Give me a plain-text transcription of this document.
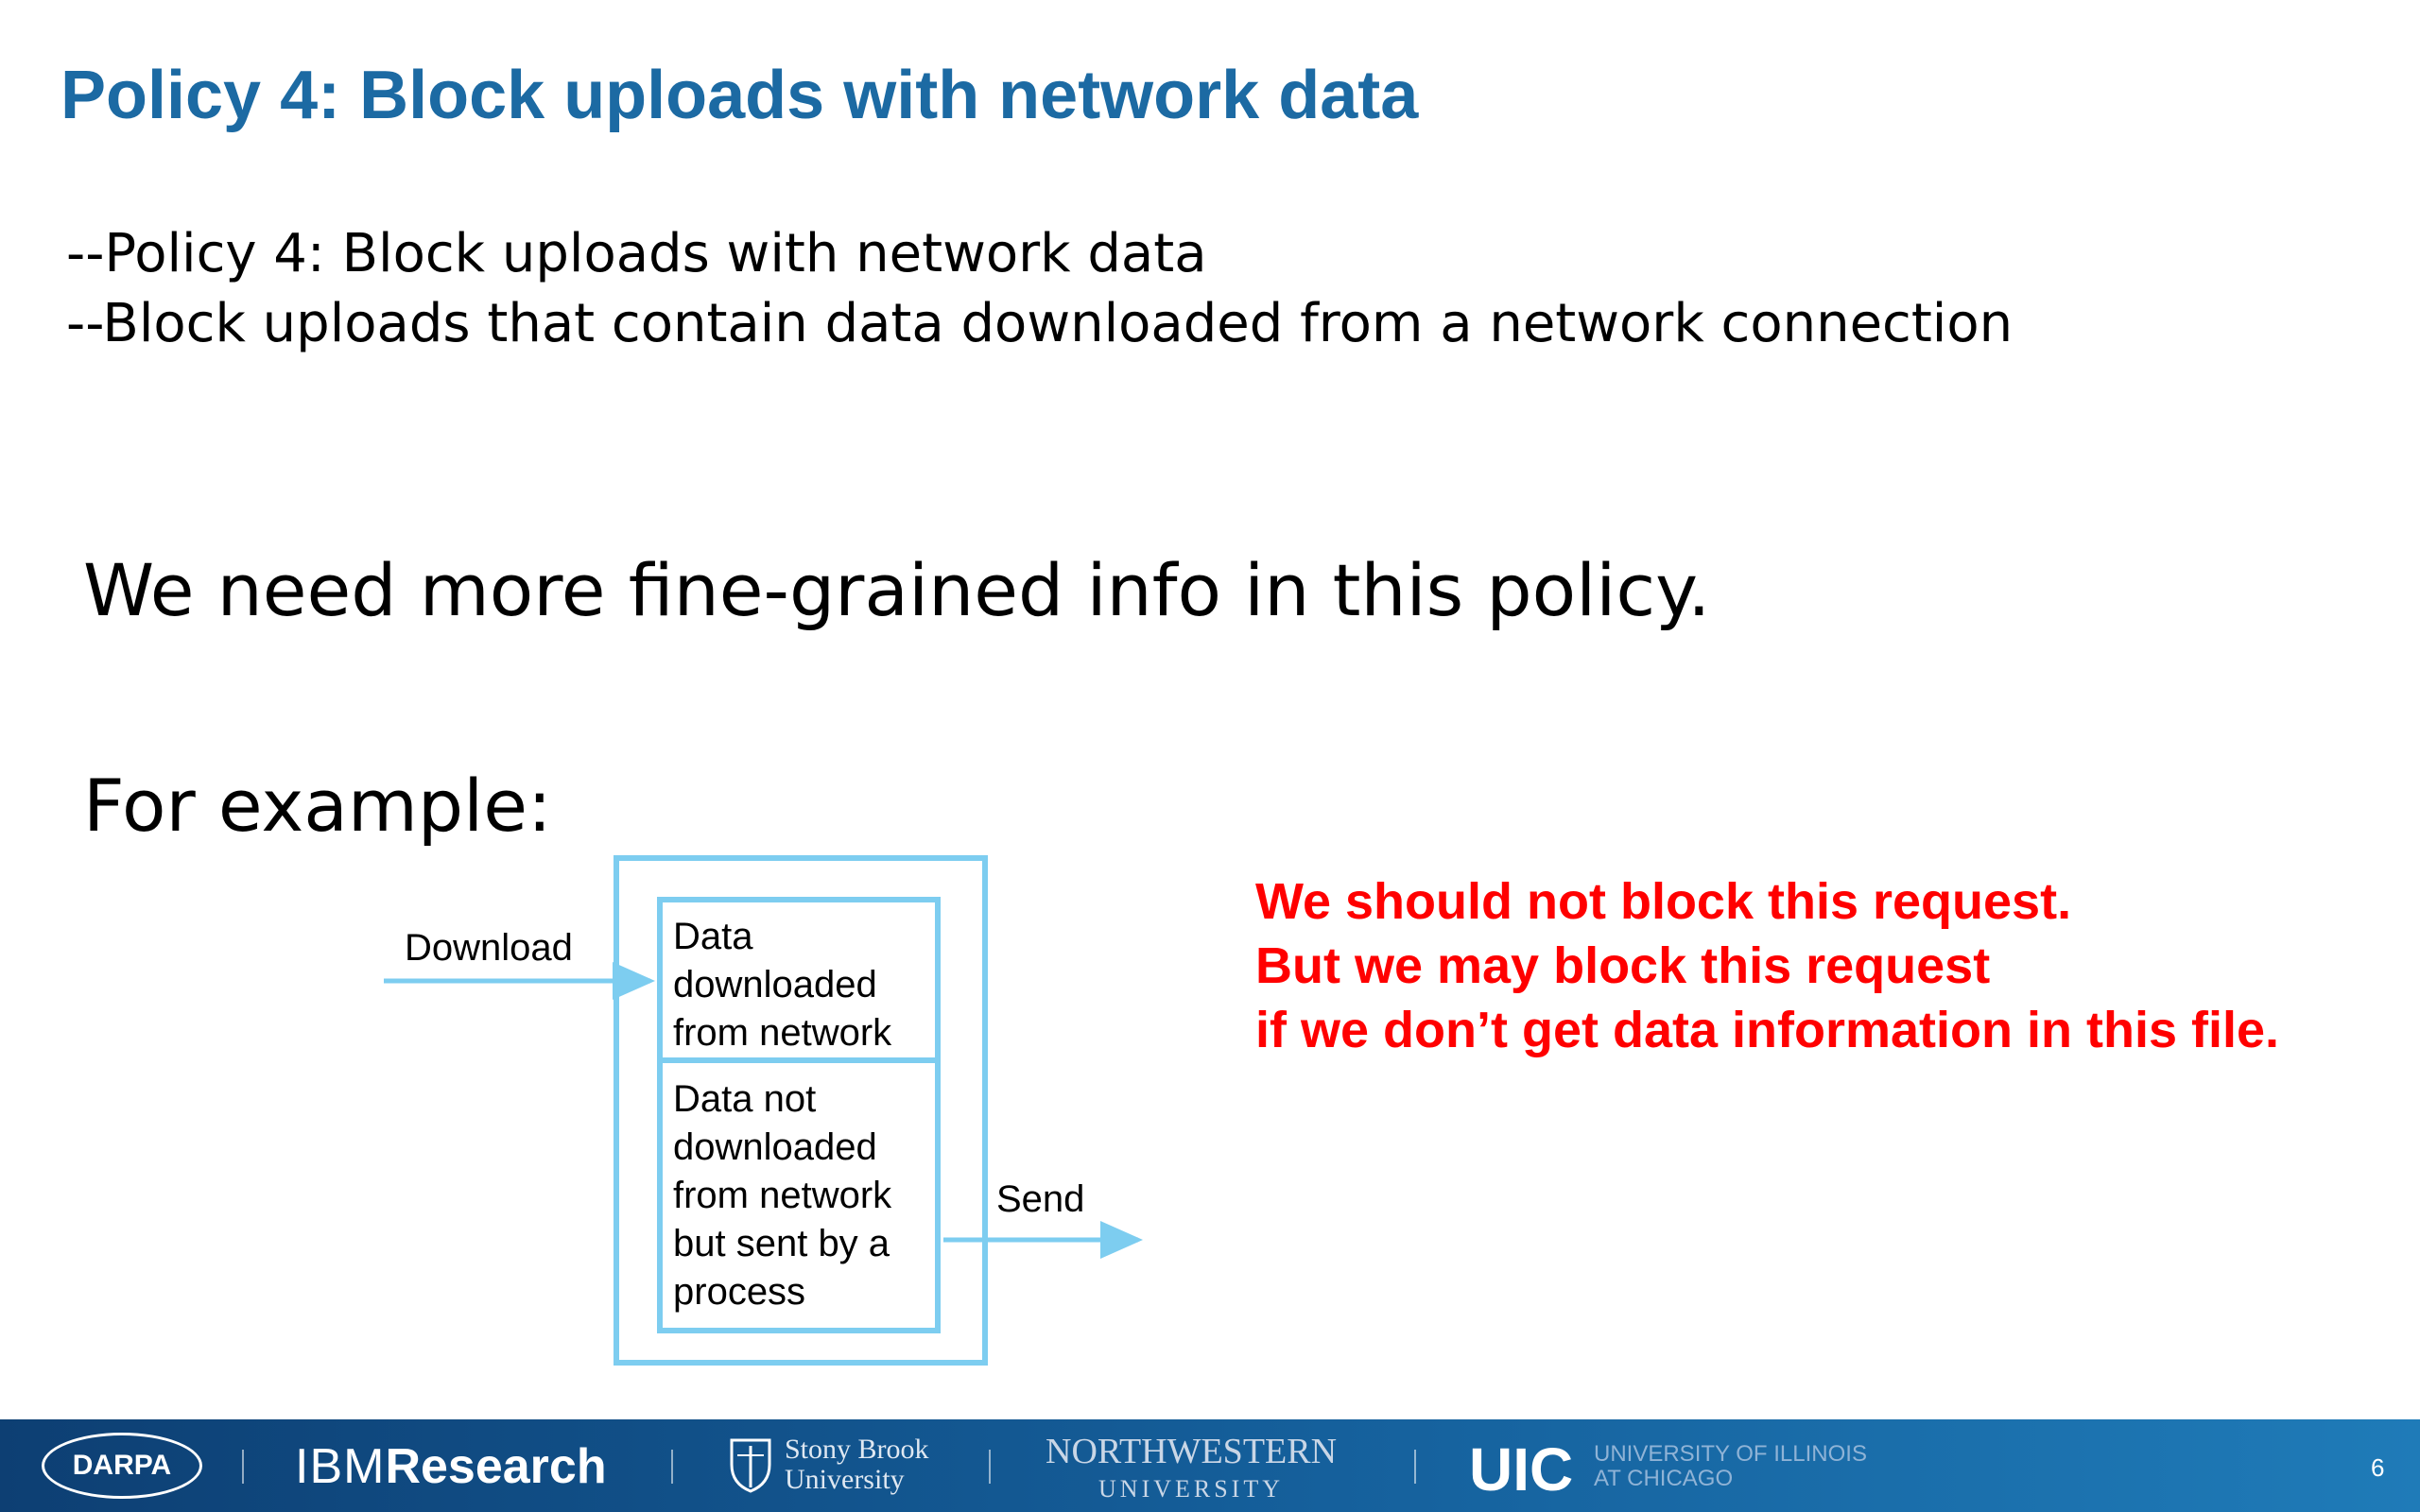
Policy 4: Block uploads with network data
--Policy 4: Block uploads with network data
--Block uploads that contain data downloaded from a network connection
We need more fine-grained info in this policy.
For example:
Download
Send
Data
downloaded
from network
Data not
downloaded
from network
but sent by a
process
We should not block this request.
But we may block this request
if we don’t get data information in this file.
DARPA	IBMResearch	Stony Brook
University
NORTHWESTERN
UNIVERSITY	UIC UNIVERSITY OF ILLINOIS
AT CHICAGO	6
